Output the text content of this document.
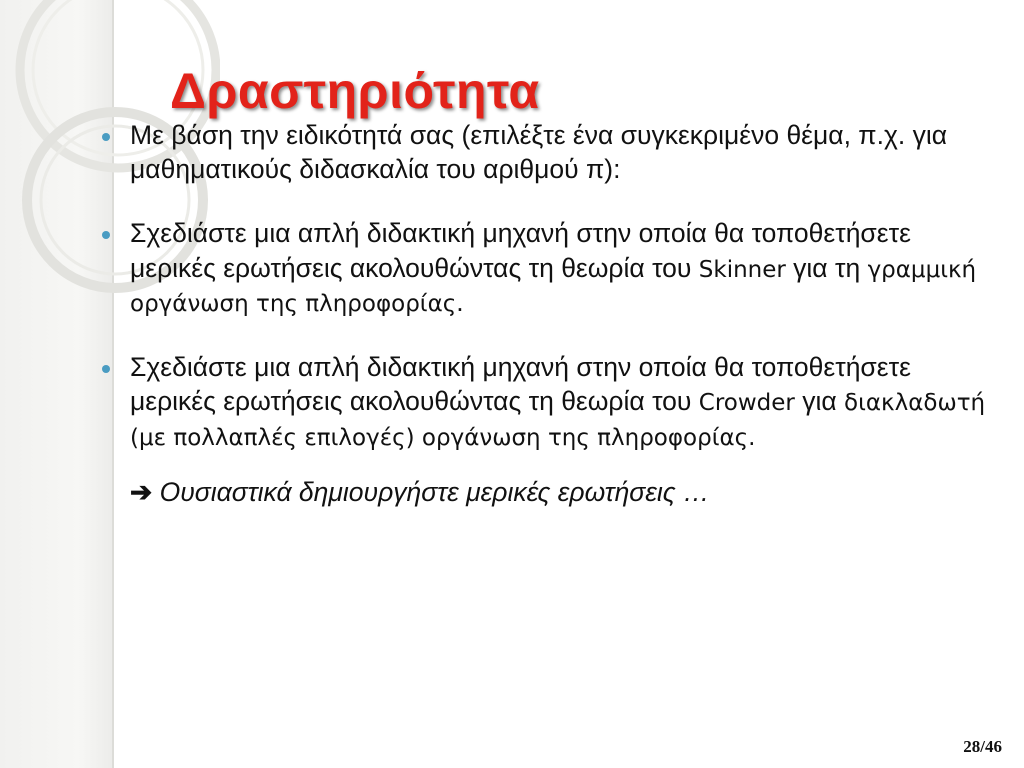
Δραστηριότητα
Με βάση την ειδικότητά σας (επιλέξτε ένα συγκεκριμένο θέμα, π.χ. για μαθηματικούς διδασκαλία του αριθμού π):
Σχεδιάστε μια απλή διδακτική μηχανή στην οποία θα τοποθετήσετε μερικές ερωτήσεις ακολουθώντας τη θεωρία του Skinner για τη γραμμική οργάνωση της πληροφορίας.
Σχεδιάστε μια απλή διδακτική μηχανή στην οποία θα τοποθετήσετε μερικές ερωτήσεις ακολουθώντας τη θεωρία του Crowder για διακλαδωτή (με πολλαπλές επιλογές) οργάνωση της πληροφορίας.
➔ Ουσιαστικά δημιουργήστε μερικές ερωτήσεις …
28/46
